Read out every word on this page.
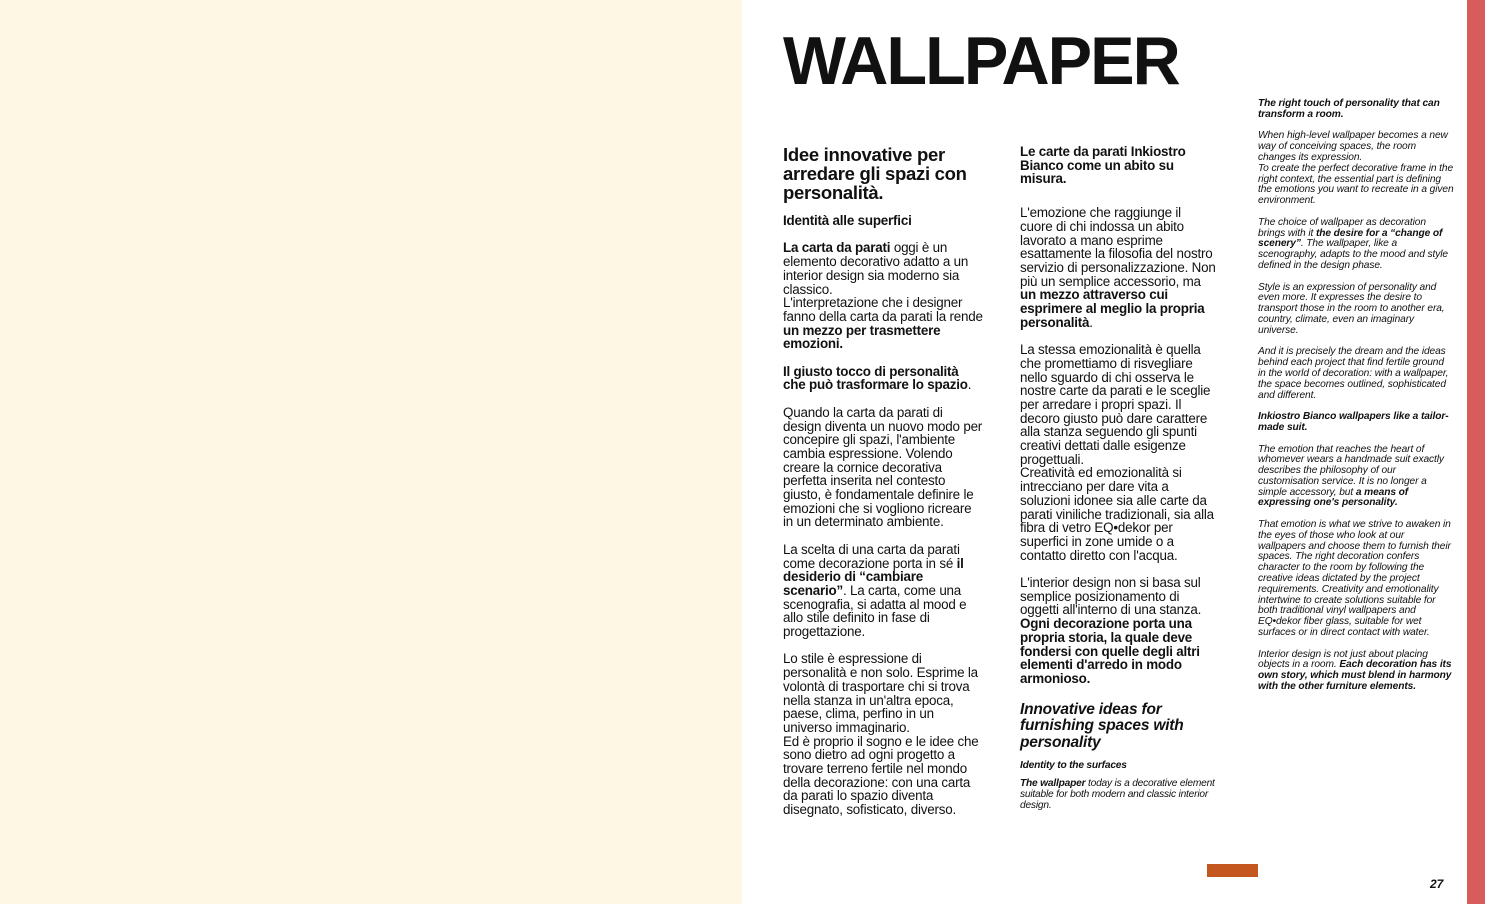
WALLPAPER

Idee innovative per arredare gli spazi con personalità.

Identità alle superfici

La carta da parati oggi è un elemento decorativo adatto a un interior design sia moderno sia classico.
L'interpretazione che i designer fanno della carta da parati la rende un mezzo per trasmettere emozioni.

Il giusto tocco di personalità che può trasformare lo spazio.

Quando la carta da parati di design diventa un nuovo modo per concepire gli spazi, l'ambiente cambia espressione. Volendo creare la cornice decorativa perfetta inserita nel contesto giusto, è fondamentale definire le emozioni che si vogliono ricreare in un determinato ambiente.

La scelta di una carta da parati come decorazione porta in sé il desiderio di “cambiare scenario”. La carta, come una scenografia, si adatta al mood e allo stile definito in fase di progettazione.

Lo stile è espressione di personalità e non solo. Esprime la volontà di trasportare chi si trova nella stanza in un'altra epoca, paese, clima, perfino in un universo immaginario.
Ed è proprio il sogno e le idee che sono dietro ad ogni progetto a trovare terreno fertile nel mondo della decorazione: con una carta da parati lo spazio diventa disegnato, sofisticato, diverso.

Le carte da parati Inkiostro Bianco come un abito su misura.

L'emozione che raggiunge il cuore di chi indossa un abito lavorato a mano esprime esattamente la filosofia del nostro servizio di personalizzazione. Non più un semplice accessorio, ma un mezzo attraverso cui esprimere al meglio la propria personalità.

La stessa emozionalità è quella che promettiamo di risvegliare nello sguardo di chi osserva le nostre carte da parati e le sceglie per arredare i propri spazi. Il decoro giusto può dare carattere alla stanza seguendo gli spunti creativi dettati dalle esigenze progettuali.
Creatività ed emozionalità si intrecciano per dare vita a soluzioni idonee sia alle carte da parati viniliche tradizionali, sia alla fibra di vetro EQ•dekor per superfici in zone umide o a contatto diretto con l'acqua.

L'interior design non si basa sul semplice posizionamento di oggetti all'interno di una stanza. Ogni decorazione porta una propria storia, la quale deve fondersi con quelle degli altri elementi d'arredo in modo armonioso.

Innovative ideas for furnishing spaces with personality

Identity to the surfaces

The wallpaper today is a decorative element suitable for both modern and classic interior design.

The right touch of personality that can transform a room.

When high-level wallpaper becomes a new way of conceiving spaces, the room changes its expression.
To create the perfect decorative frame in the right context, the essential part is defining the emotions you want to recreate in a given environment.

The choice of wallpaper as decoration brings with it the desire for a “change of scenery”. The wallpaper, like a scenography, adapts to the mood and style defined in the design phase.

Style is an expression of personality and even more. It expresses the desire to transport those in the room to another era, country, climate, even an imaginary universe.

And it is precisely the dream and the ideas behind each project that find fertile ground in the world of decoration: with a wallpaper, the space becomes outlined, sophisticated and different.

Inkiostro Bianco wallpapers like a tailor-made suit.

The emotion that reaches the heart of whomever wears a handmade suit exactly describes the philosophy of our customisation service. It is no longer a simple accessory, but a means of expressing one's personality.

That emotion is what we strive to awaken in the eyes of those who look at our wallpapers and choose them to furnish their spaces. The right decoration confers character to the room by following the creative ideas dictated by the project requirements. Creativity and emotionality intertwine to create solutions suitable for both traditional vinyl wallpapers and EQ•dekor fiber glass, suitable for wet surfaces or in direct contact with water.

Interior design is not just about placing objects in a room. Each decoration has its own story, which must blend in harmony with the other furniture elements.

27
